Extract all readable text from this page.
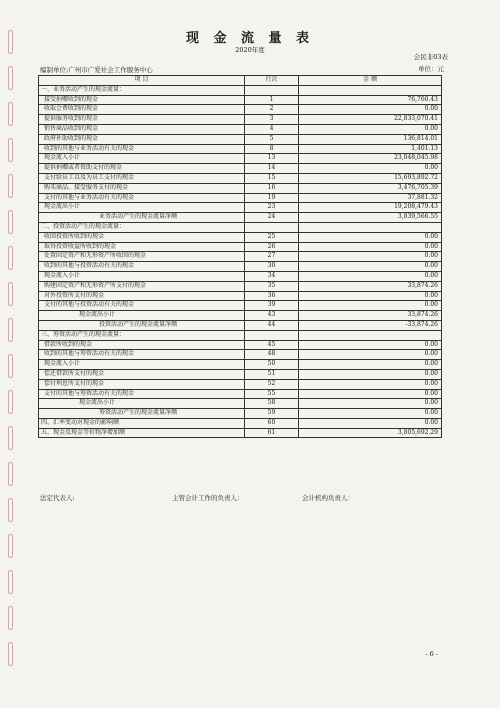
现 金 流 量 表
2020年度
会民非03表
编制单位:广州市广爱社会工作服务中心	单位：元
项 目	行次	金 额
一、业务活动产生的现金流量：		
接受捐赠收到的现金	1	76,760.43
收取会费收到的现金	2	0.00
提供服务收到的现金	3	22,833,070.41
销售商品收到的现金	4	0.00
政府补助收到的现金	5	136,814.01
收到的其他与业务活动有关的现金	8	1,401.13
现金流入小计	13	23,048,045.98
提供捐赠或者资助支付的现金	14	0.00
支付给员工以及为员工支付的现金	15	15,693,892.72
购买商品、接受服务支付的现金	16	3,476,705.39
支付的其他与业务活动有关的现金	19	37,881.32
现金流出小计	23	19,208,479.43
业务活动产生的现金流量净额	24	3,839,566.55
二、投资活动产生的现金流量：		
收回投资所收到的现金	25	0.00
取得投资收益所收到的现金	26	0.00
处置固定资产和无形资产所收回的现金	27	0.00
收到的其他与投资活动有关的现金	30	0.00
现金流入小计	34	0.00
购建固定资产和无形资产所支付的现金	35	33,874.26
对外投资所支付的现金	36	0.00
支付的其他与投资活动有关的现金	39	0.00
现金流出小计	43	33,874.26
投资活动产生的现金流量净额	44	-33,874.26
三、筹资活动产生的现金流量：		
借款所收到的现金	45	0.00
收到的其他与筹资活动有关的现金	48	0.00
现金流入小计	50	0.00
偿还借款所支付的现金	51	0.00
偿付利息所支付的现金	52	0.00
支付的其他与筹资活动有关的现金	55	0.00
现金流出小计	58	0.00
筹资活动产生的现金流量净额	59	0.00
四、汇率变动对现金的影响额	60	0.00
五、现金及现金等价物净增加额	61	3,805,692.29
法定代表人:	主管会计工作的负责人：	会计机构负责人：
- 6 -
